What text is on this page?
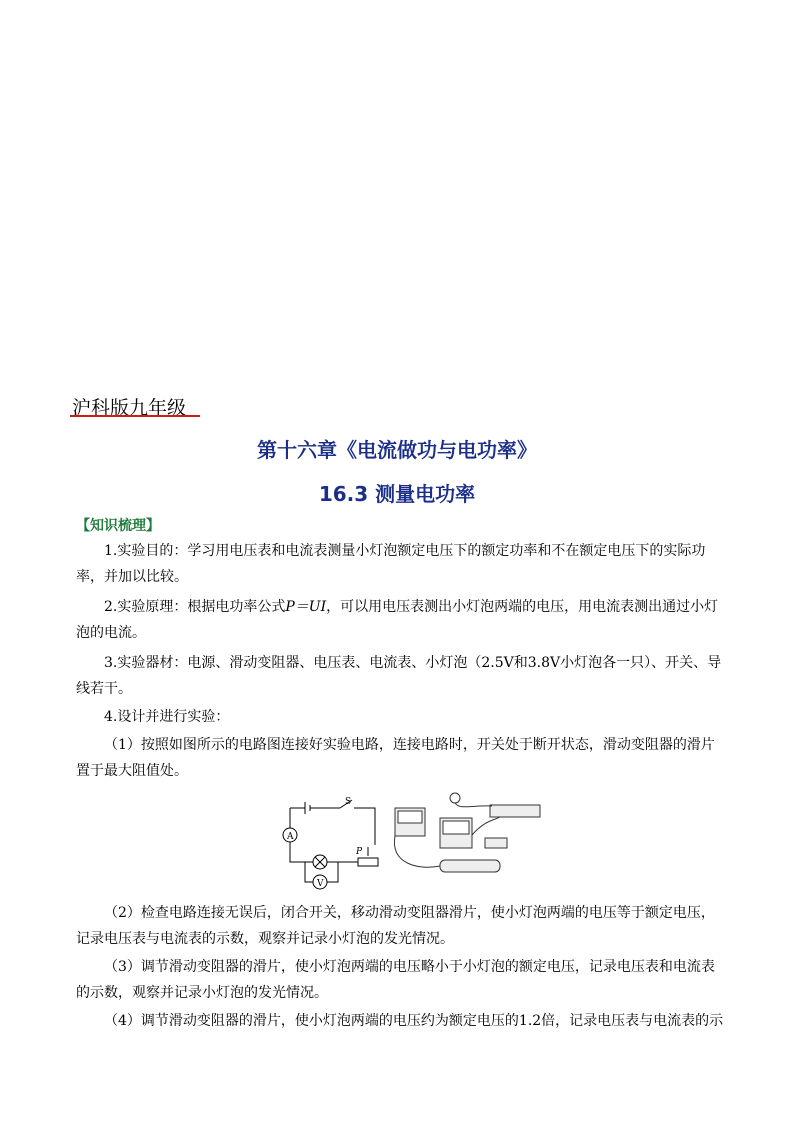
沪科版九年级
第十六章《电流做功与电功率》
16.3 测量电功率
【知识梳理】
1.实验目的：学习用电压表和电流表测量小灯泡额定电压下的额定功率和不在额定电压下的实际功率，并加以比较。
2.实验原理：根据电功率公式P＝UI，可以用电压表测出小灯泡两端的电压，用电流表测出通过小灯泡的电流。
3.实验器材：电源、滑动变阻器、电压表、电流表、小灯泡（2.5V和3.8V小灯泡各一只）、开关、导线若干。
4.设计并进行实验：
（1）按照如图所示的电路图连接好实验电路，连接电路时，开关处于断开状态，滑动变阻器的滑片置于最大阻值处。
A
V
S
P
（2）检查电路连接无误后，闭合开关，移动滑动变阻器滑片，使小灯泡两端的电压等于额定电压，记录电压表与电流表的示数，观察并记录小灯泡的发光情况。
（3）调节滑动变阻器的滑片，使小灯泡两端的电压略小于小灯泡的额定电压，记录电压表和电流表的示数，观察并记录小灯泡的发光情况。
（4）调节滑动变阻器的滑片，使小灯泡两端的电压约为额定电压的1.2倍，记录电压表与电流表的示
